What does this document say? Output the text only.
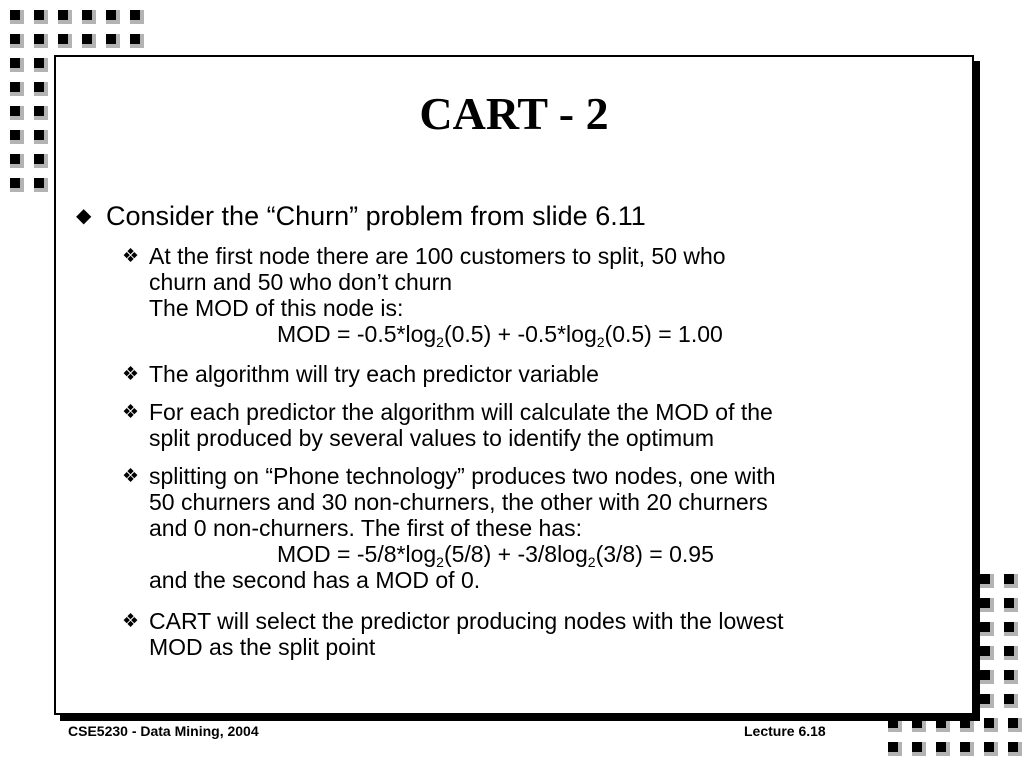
CART - 2
◆ Consider the “Churn” problem from slide 6.11
❖ At the first node there are 100 customers to split, 50 who
churn and 50 who don’t churn
The MOD of this node is:
MOD = $-0.5*\log_2(0.5) + -0.5*\log_2(0.5) = 1.00$
❖ The algorithm will try each predictor variable
❖ For each predictor the algorithm will calculate the MOD of the
split produced by several values to identify the optimum
❖ splitting on “Phone technology” produces two nodes, one with
50 churners and 30 non-churners, the other with 20 churners
and 0 non-churners. The first of these has:
MOD = $-5/8*\log_2(5/8) + -3/8\log_2(3/8) = 0.95$
and the second has a MOD of 0.
❖ CART will select the predictor producing nodes with the lowest
MOD as the split point
CSE5230 - Data Mining, 2004	Lecture 6.18
